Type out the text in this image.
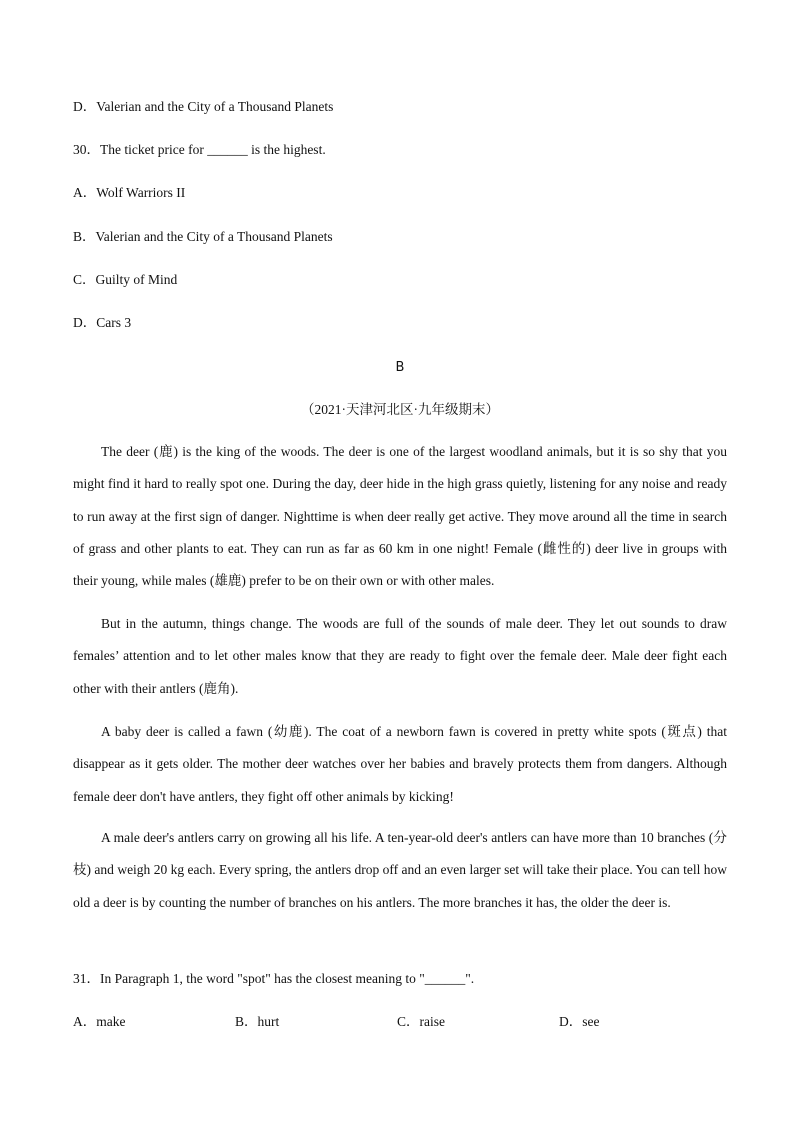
D．Valerian and the City of a Thousand Planets
30．The ticket price for ______ is the highest.
A．Wolf Warriors II
B．Valerian and the City of a Thousand Planets
C．Guilty of Mind
D．Cars 3
B
（2021·天津河北区·九年级期末）
The deer (鹿) is the king of the woods. The deer is one of the largest woodland animals, but it is so shy that you might find it hard to really spot one. During the day, deer hide in the high grass quietly, listening for any noise and ready to run away at the first sign of danger. Nighttime is when deer really get active. They move around all the time in search of grass and other plants to eat. They can run as far as 60 km in one night! Female (雌性的) deer live in groups with their young, while males (雄鹿) prefer to be on their own or with other males.
But in the autumn, things change. The woods are full of the sounds of male deer. They let out sounds to draw females’ attention and to let other males know that they are ready to fight over the female deer. Male deer fight each other with their antlers (鹿角).
A baby deer is called a fawn (幼鹿). The coat of a newborn fawn is covered in pretty white spots (斑点) that disappear as it gets older. The mother deer watches over her babies and bravely protects them from dangers. Although female deer don't have antlers, they fight off other animals by kicking!
A male deer's antlers carry on growing all his life. A ten-year-old deer's antlers can have more than 10 branches (分枝) and weigh 20 kg each. Every spring, the antlers drop off and an even larger set will take their place. You can tell how old a deer is by counting the number of branches on his antlers. The more branches it has, the older the deer is.
31．In Paragraph 1, the word "spot" has the closest meaning to "______".
A．make	B．hurt	C．raise	D．see
